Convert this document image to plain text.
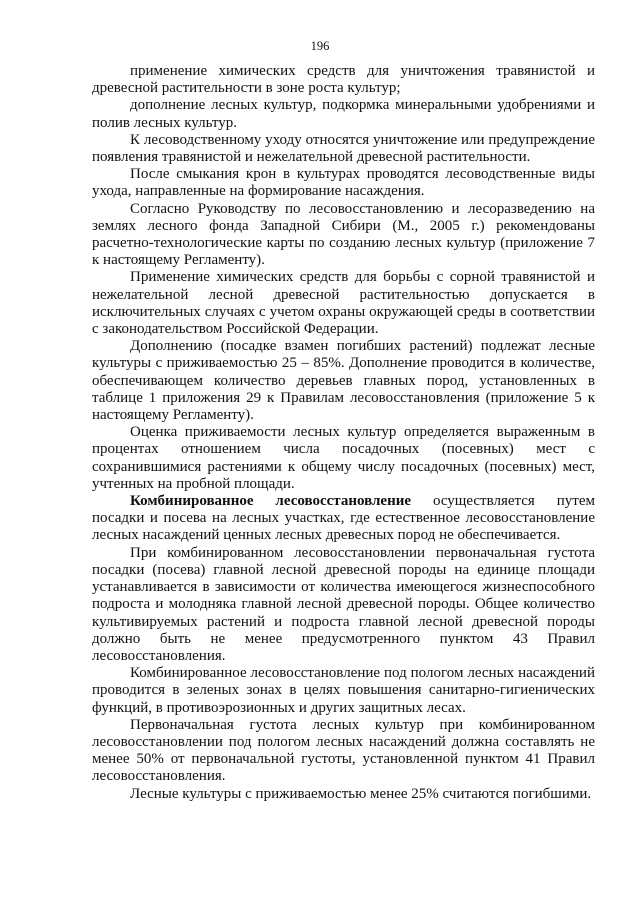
196

применение химических средств для уничтожения травянистой и древесной растительности в зоне роста культур;

дополнение лесных культур, подкормка минеральными удобрениями и полив лесных культур.

К лесоводственному уходу относятся уничтожение или предупреждение появления травянистой и нежелательной древесной растительности.

После смыкания крон в культурах проводятся лесоводственные виды ухода, направленные на формирование насаждения.

Согласно Руководству по лесовосстановлению и лесоразведению на землях лесного фонда Западной Сибири (М., 2005 г.) рекомендованы расчетно-технологические карты по созданию лесных культур (приложение 7 к настоящему Регламенту).

Применение химических средств для борьбы с сорной травянистой и нежелательной лесной древесной растительностью допускается в исключительных случаях с учетом охраны окружающей среды в соответствии с законодательством Российской Федерации.

Дополнению (посадке взамен погибших растений) подлежат лесные культуры с приживаемостью 25 – 85%. Дополнение проводится в количестве, обеспечивающем количество деревьев главных пород, установленных в таблице 1 приложения 29 к Правилам лесовосстановления (приложение 5 к настоящему Регламенту).

Оценка приживаемости лесных культур определяется выраженным в процентах отношением числа посадочных (посевных) мест с сохранившимися растениями к общему числу посадочных (посевных) мест, учтенных на пробной площади.

Комбинированное лесовосстановление осуществляется путем посадки и посева на лесных участках, где естественное лесовосстановление лесных насаждений ценных лесных древесных пород не обеспечивается.

При комбинированном лесовосстановлении первоначальная густота посадки (посева) главной лесной древесной породы на единице площади устанавливается в зависимости от количества имеющегося жизнеспособного подроста и молодняка главной лесной древесной породы. Общее количество культивируемых растений и подроста главной лесной древесной породы должно быть не менее предусмотренного пунктом 43 Правил лесовосстановления.

Комбинированное лесовосстановление под пологом лесных насаждений проводится в зеленых зонах в целях повышения санитарно-гигиенических функций, в противоэрозионных и других защитных лесах.

Первоначальная густота лесных культур при комбинированном лесовосстановлении под пологом лесных насаждений должна составлять не менее 50% от первоначальной густоты, установленной пунктом 41 Правил лесовосстановления.

Лесные культуры с приживаемостью менее 25% считаются погибшими.
